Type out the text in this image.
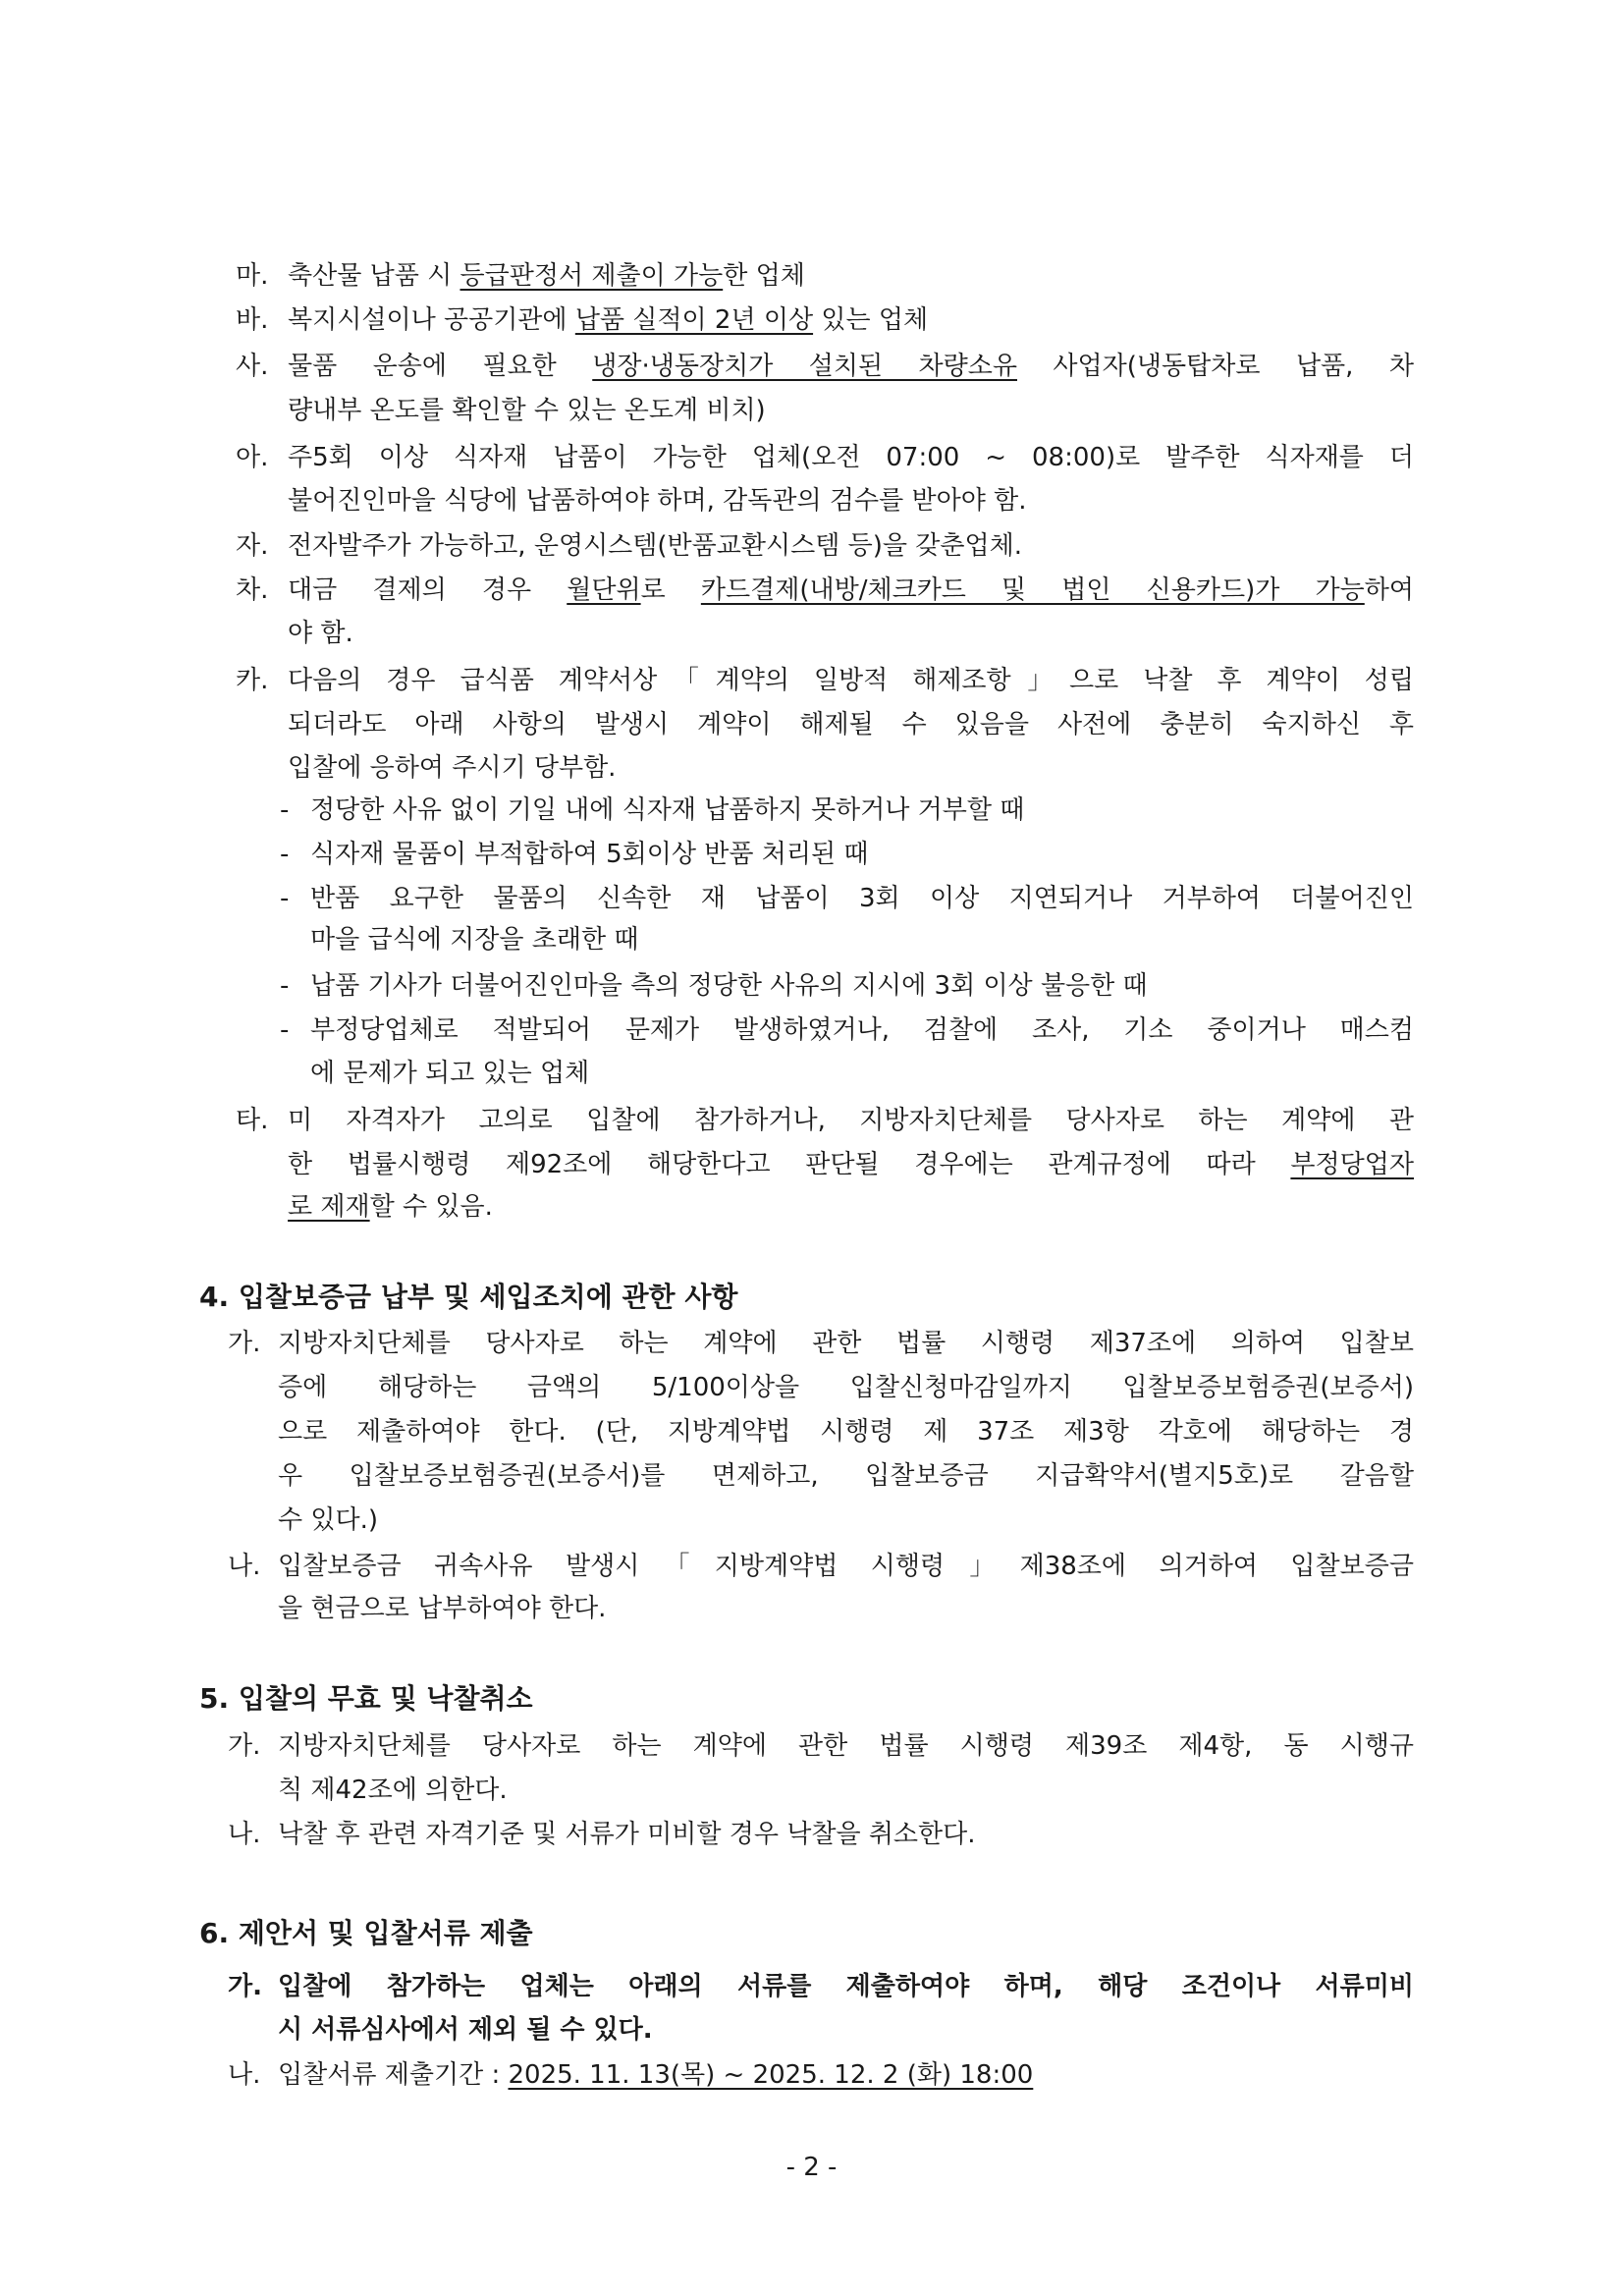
마. 축산물 납품 시 등급판정서 제출이 가능한 업체
바. 복지시설이나 공공기관에 납품 실적이 2년 이상 있는 업체
사. 물품 운송에 필요한 냉장·냉동장치가 설치된 차량소유 사업자(냉동탑차로 납품, 차
량내부 온도를 확인할 수 있는 온도계 비치)
아. 주5회 이상 식자재 납품이 가능한 업체(오전 07:00 ~ 08:00)로 발주한 식자재를 더
불어진인마을 식당에 납품하여야 하며, 감독관의 검수를 받아야 함.
자. 전자발주가 가능하고, 운영시스템(반품교환시스템 등)을 갖춘업체.
차. 대금 결제의 경우 월단위로 카드결제(내방/체크카드 및 법인 신용카드)가 가능하여
야 함.
카. 다음의 경우 급식품 계약서상「계약의 일방적 해제조항」으로 낙찰 후 계약이 성립
되더라도 아래 사항의 발생시 계약이 해제될 수 있음을 사전에 충분히 숙지하신 후
입찰에 응하여 주시기 당부함.
- 정당한 사유 없이 기일 내에 식자재 납품하지 못하거나 거부할 때
- 식자재 물품이 부적합하여 5회이상 반품 처리된 때
- 반품 요구한 물품의 신속한 재 납품이 3회 이상 지연되거나 거부하여 더불어진인
마을 급식에 지장을 초래한 때
- 납품 기사가 더불어진인마을 측의 정당한 사유의 지시에 3회 이상 불응한 때
- 부정당업체로 적발되어 문제가 발생하였거나, 검찰에 조사, 기소 중이거나 매스컴
에 문제가 되고 있는 업체
타. 미 자격자가 고의로 입찰에 참가하거나, 지방자치단체를 당사자로 하는 계약에 관
한 법률시행령 제92조에 해당한다고 판단될 경우에는 관계규정에 따라 부정당업자
로 제재할 수 있음.
4. 입찰보증금 납부 및 세입조치에 관한 사항
가. 지방자치단체를 당사자로 하는 계약에 관한 법률 시행령 제37조에 의하여 입찰보
증에 해당하는 금액의 5/100이상을 입찰신청마감일까지 입찰보증보험증권(보증서)
으로 제출하여야 한다. (단, 지방계약법 시행령 제 37조 제3항 각호에 해당하는 경
우 입찰보증보험증권(보증서)를 면제하고, 입찰보증금 지급확약서(별지5호)로 갈음할
수 있다.)
나. 입찰보증금 귀속사유 발생시「지방계약법 시행령」제38조에 의거하여 입찰보증금
을 현금으로 납부하여야 한다.
5. 입찰의 무효 및 낙찰취소
가. 지방자치단체를 당사자로 하는 계약에 관한 법률 시행령 제39조 제4항, 동 시행규
칙 제42조에 의한다.
나. 낙찰 후 관련 자격기준 및 서류가 미비할 경우 낙찰을 취소한다.
6. 제안서 및 입찰서류 제출
가. 입찰에 참가하는 업체는 아래의 서류를 제출하여야 하며, 해당 조건이나 서류미비
시 서류심사에서 제외 될 수 있다.
나. 입찰서류 제출기간 : 2025. 11. 13(목) ~ 2025. 12. 2 (화) 18:00
- 2 -
